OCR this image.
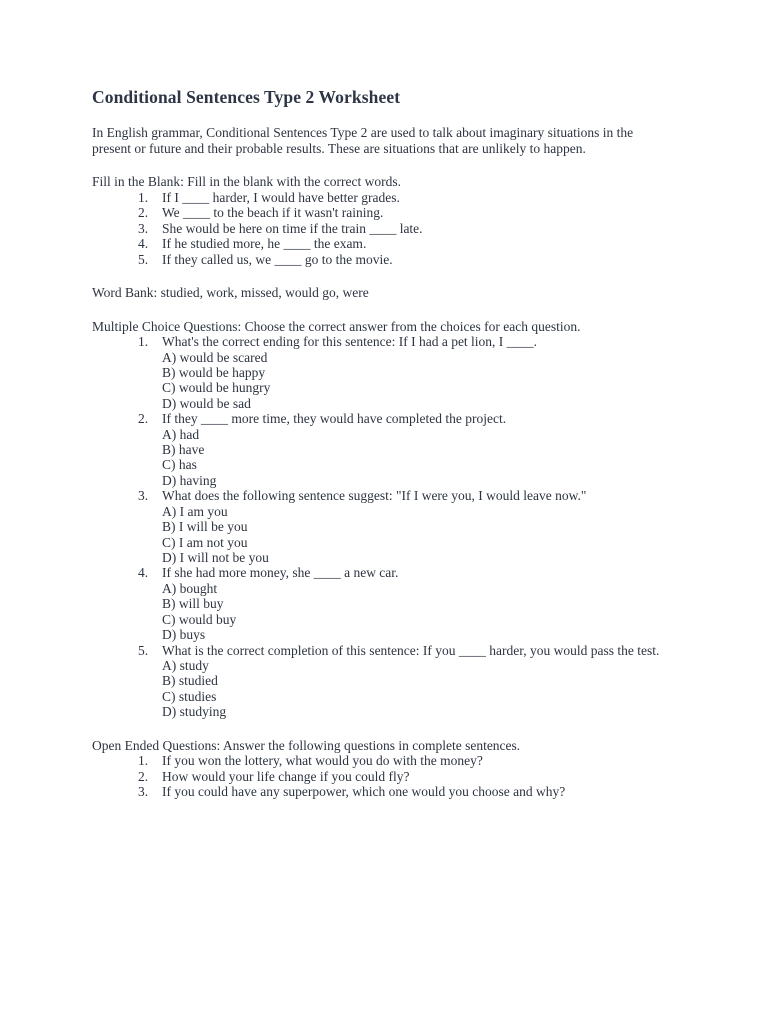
Conditional Sentences Type 2 Worksheet

In English grammar, Conditional Sentences Type 2 are used to talk about imaginary situations in the present or future and their probable results. These are situations that are unlikely to happen.

Fill in the Blank: Fill in the blank with the correct words.
1.	If I ____ harder, I would have better grades.
2.	We ____ to the beach if it wasn't raining.
3.	She would be here on time if the train ____ late.
4.	If he studied more, he ____ the exam.
5.	If they called us, we ____ go to the movie.
Word Bank: studied, work, missed, would go, were
Multiple Choice Questions: Choose the correct answer from the choices for each question.
1.	What's the correct ending for this sentence: If I had a pet lion, I ____.
A) would be scared
B) would be happy
C) would be hungry
D) would be sad
2.	If they ____ more time, they would have completed the project.
A) had
B) have
C) has
D) having
3.	What does the following sentence suggest: "If I were you, I would leave now."
A) I am you
B) I will be you
C) I am not you
D) I will not be you
4.	If she had more money, she ____ a new car.
A) bought
B) will buy
C) would buy
D) buys
5.	What is the correct completion of this sentence: If you ____ harder, you would pass the test.
A) study
B) studied
C) studies
D) studying
Open Ended Questions: Answer the following questions in complete sentences.
1.	If you won the lottery, what would you do with the money?
2.	How would your life change if you could fly?
3.	If you could have any superpower, which one would you choose and why?
